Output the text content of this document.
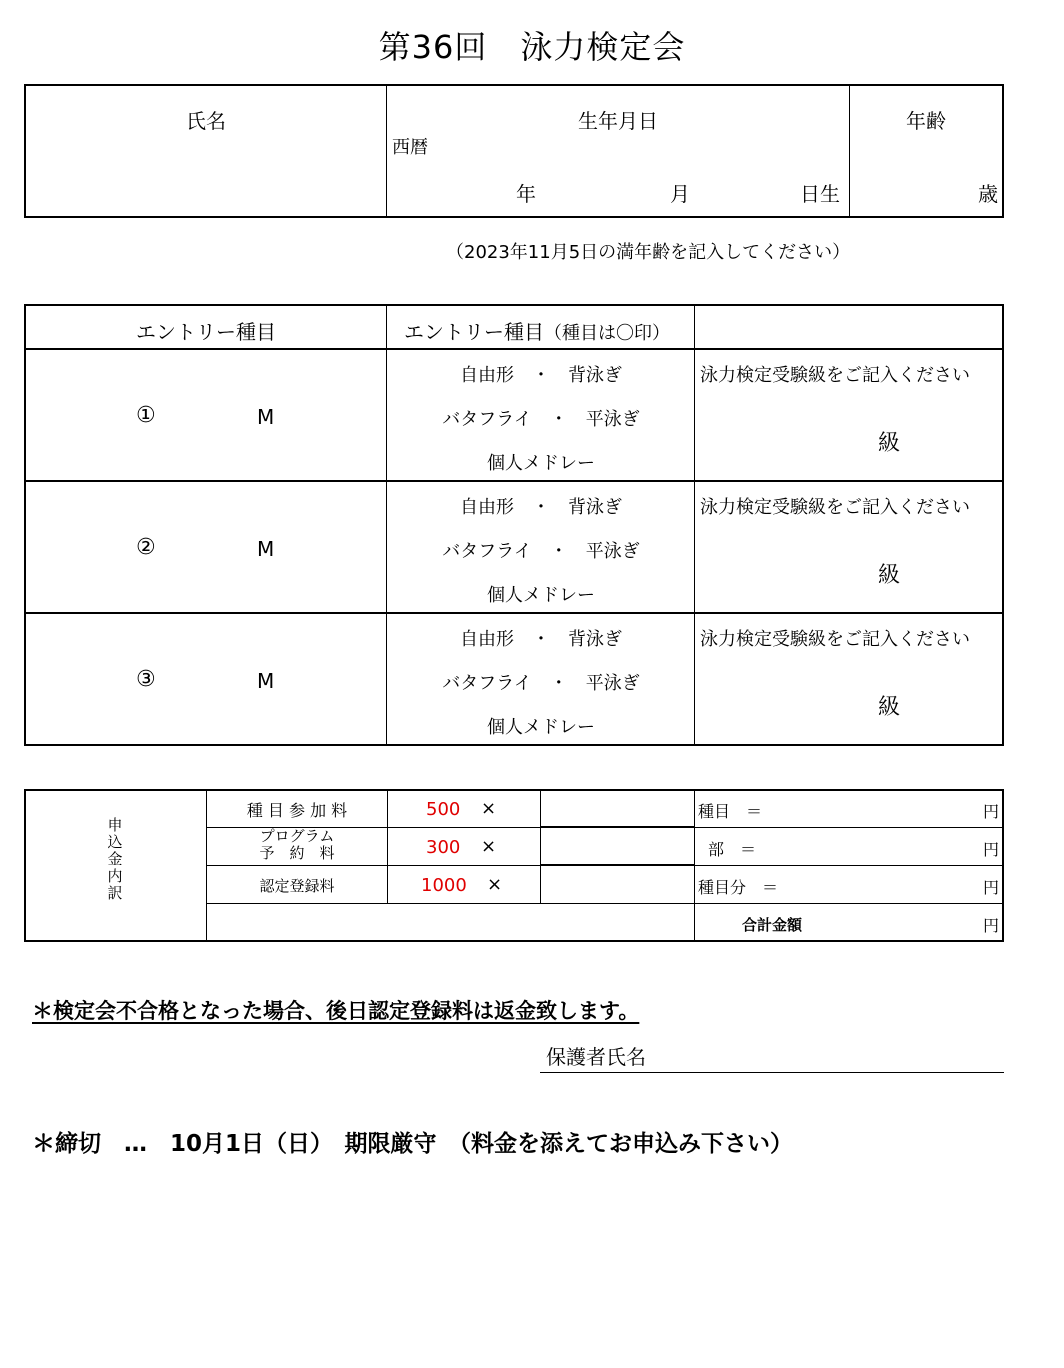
第36回　泳力検定会
氏名	生年月日
西暦
年	月	日生
年齢
歳
（2023年11月5日の満年齢を記入してください）
エントリー種目	エントリー種目（種目は〇印）
①	M
自由形　・　背泳ぎ
バタフライ　・　平泳ぎ
個人メドレー
泳力検定受験級をご記入ください
級
②	M
自由形　・　背泳ぎ
バタフライ　・　平泳ぎ
個人メドレー
泳力検定受験級をご記入ください
級
③	M
自由形　・　背泳ぎ
バタフライ　・　平泳ぎ
個人メドレー
泳力検定受験級をご記入ください
級
申
込
金
内
訳
種 目 参 加 料	500 ×	種目　＝	円
プログラム
予　約　料	300 ×	部　＝	円
認定登録料	1000 ×	種目分　＝	円
合計金額	円
＊検定会不合格となった場合、後日認定登録料は返金致します。
保護者氏名
＊締切　…　10月1日（日）　期限厳守　（料金を添えてお申込み下さい）
